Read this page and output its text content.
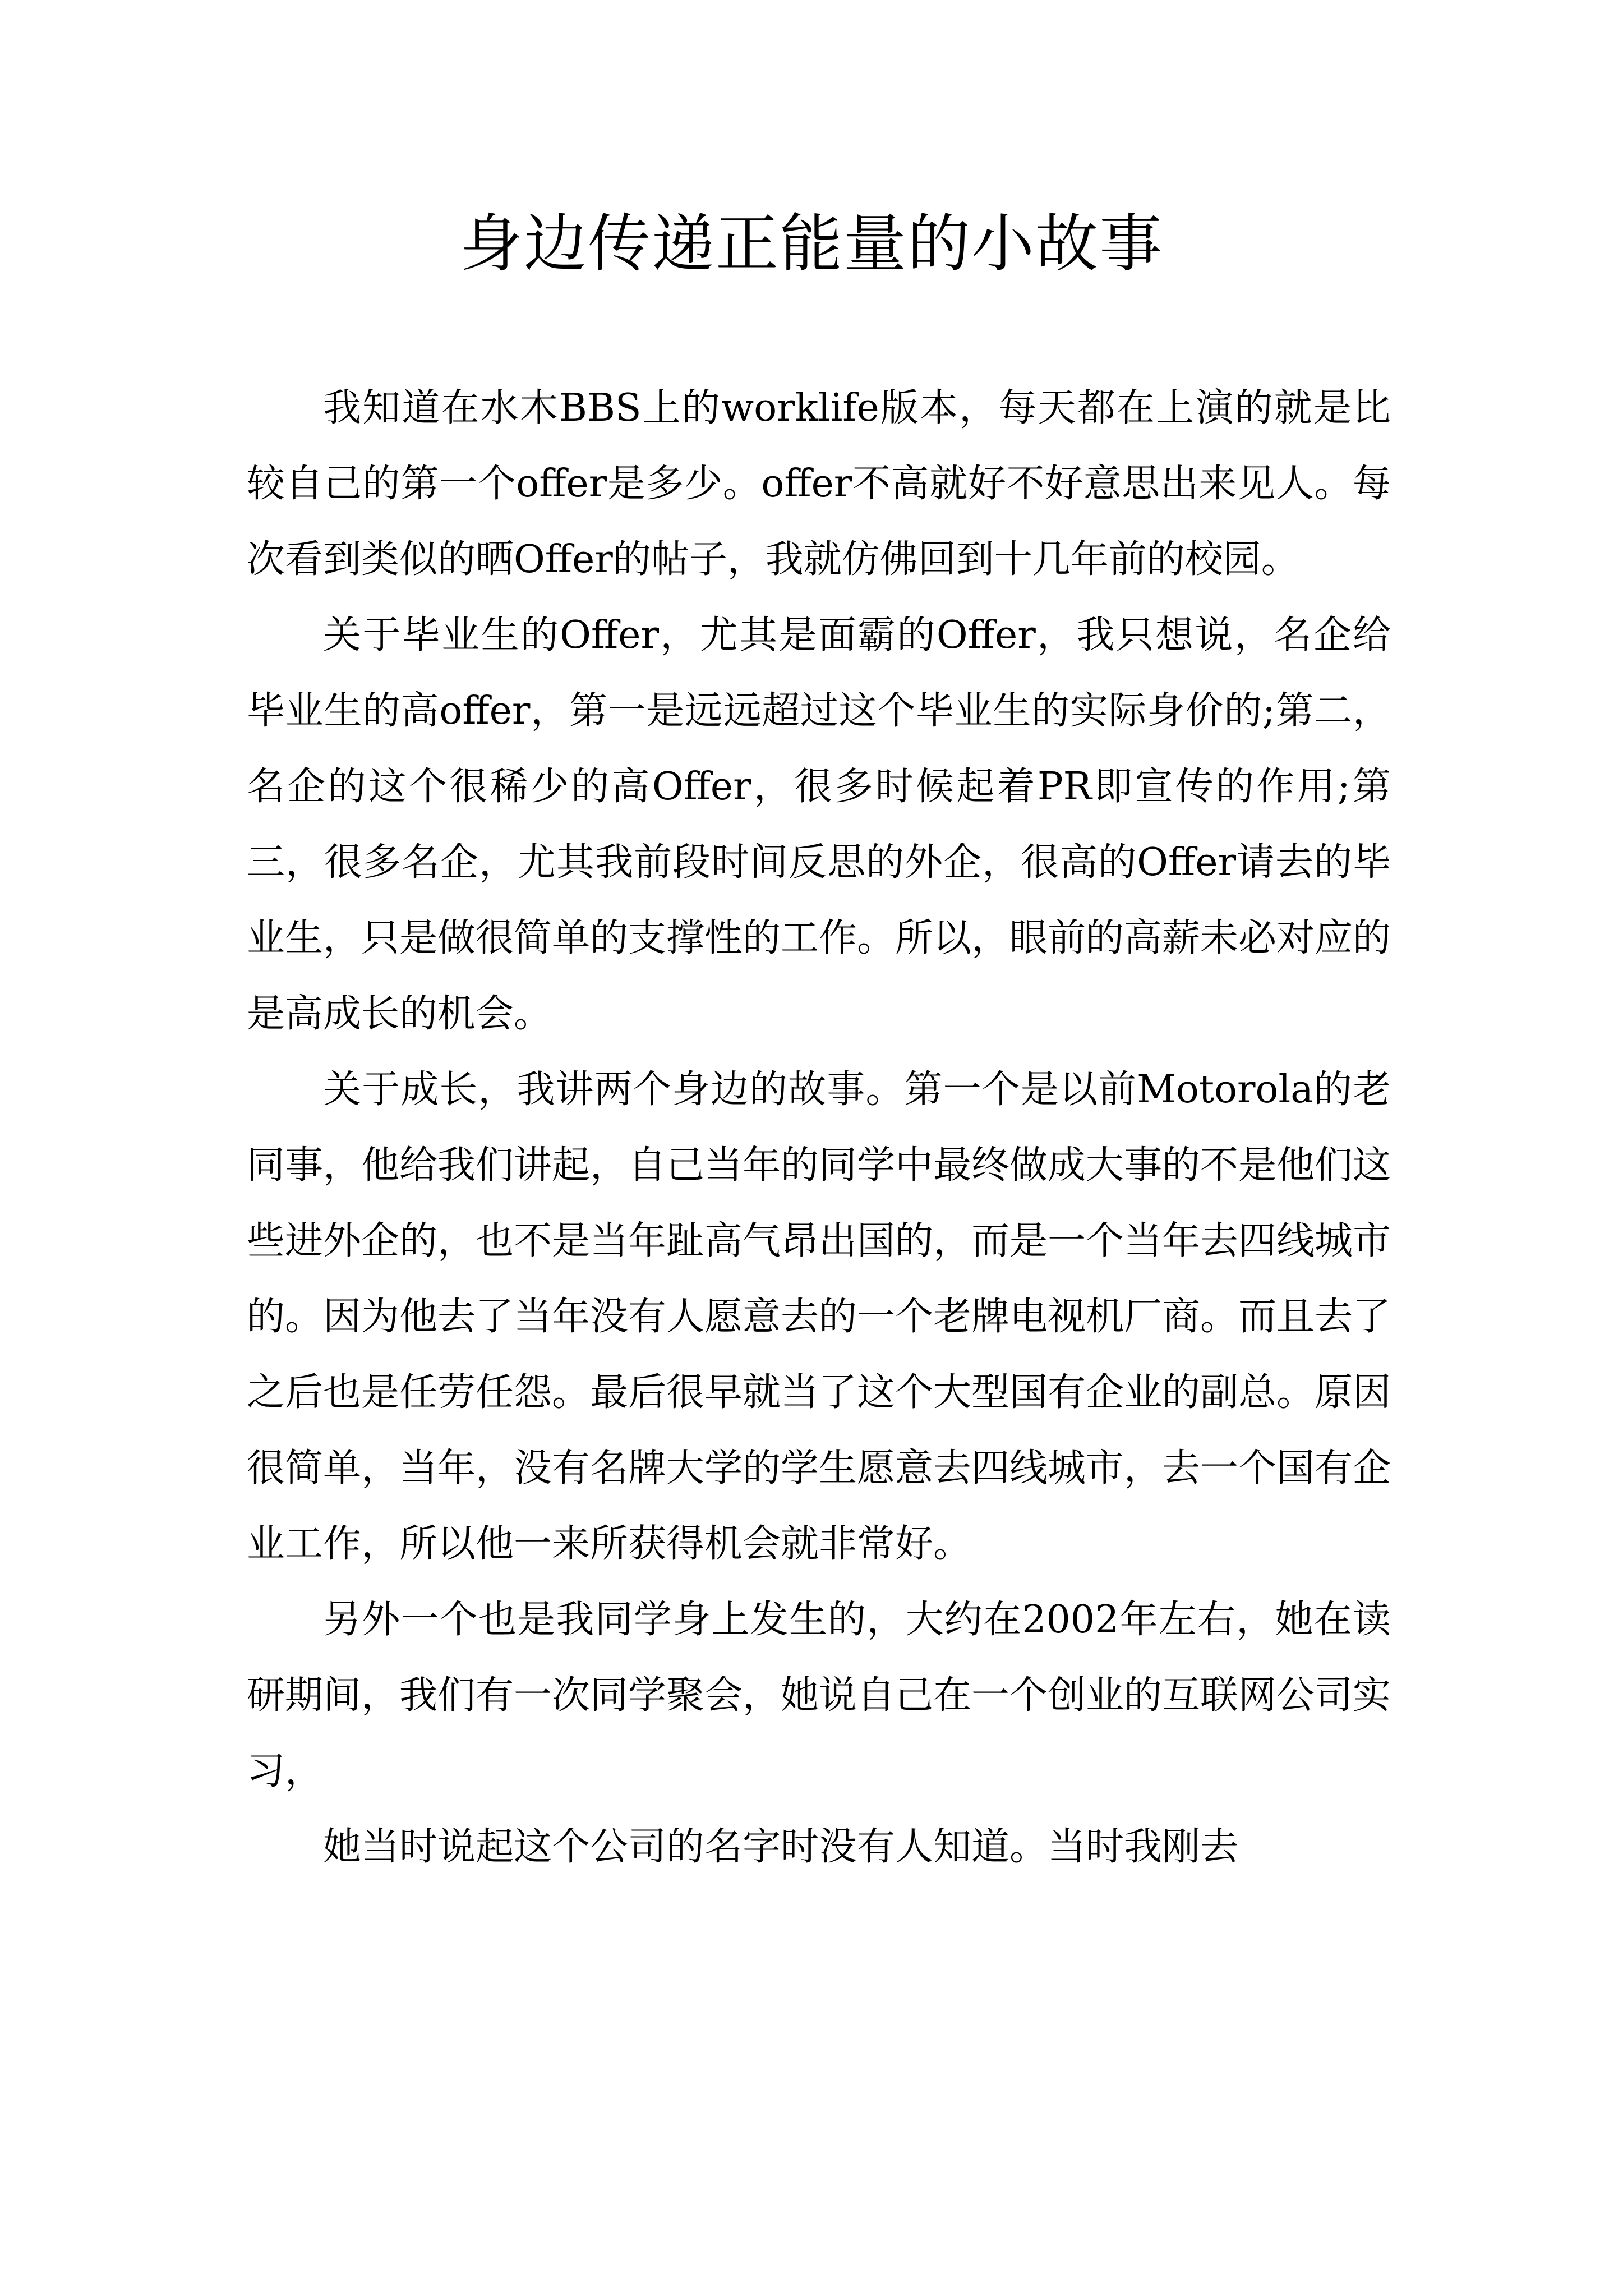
身边传递正能量的小故事

我知道在水木BBS上的worklife版本，每天都在上演的就是比较自己的第一个offer是多少。offer不高就好不好意思出来见人。每次看到类似的晒Offer的帖子，我就仿佛回到十几年前的校园。

关于毕业生的Offer，尤其是面霸的Offer，我只想说，名企给毕业生的高offer，第一是远远超过这个毕业生的实际身价的;第二，名企的这个很稀少的高Offer，很多时候起着PR即宣传的作用;第三，很多名企，尤其我前段时间反思的外企，很高的Offer请去的毕业生，只是做很简单的支撑性的工作。所以，眼前的高薪未必对应的是高成长的机会。

关于成长，我讲两个身边的故事。第一个是以前Motorola的老同事，他给我们讲起，自己当年的同学中最终做成大事的不是他们这些进外企的，也不是当年趾高气昂出国的，而是一个当年去四线城市的。因为他去了当年没有人愿意去的一个老牌电视机厂商。而且去了之后也是任劳任怨。最后很早就当了这个大型国有企业的副总。原因很简单，当年，没有名牌大学的学生愿意去四线城市，去一个国有企业工作，所以他一来所获得机会就非常好。

另外一个也是我同学身上发生的，大约在2002年左右，她在读研期间，我们有一次同学聚会，她说自己在一个创业的互联网公司实习，

她当时说起这个公司的名字时没有人知道。当时我刚去
